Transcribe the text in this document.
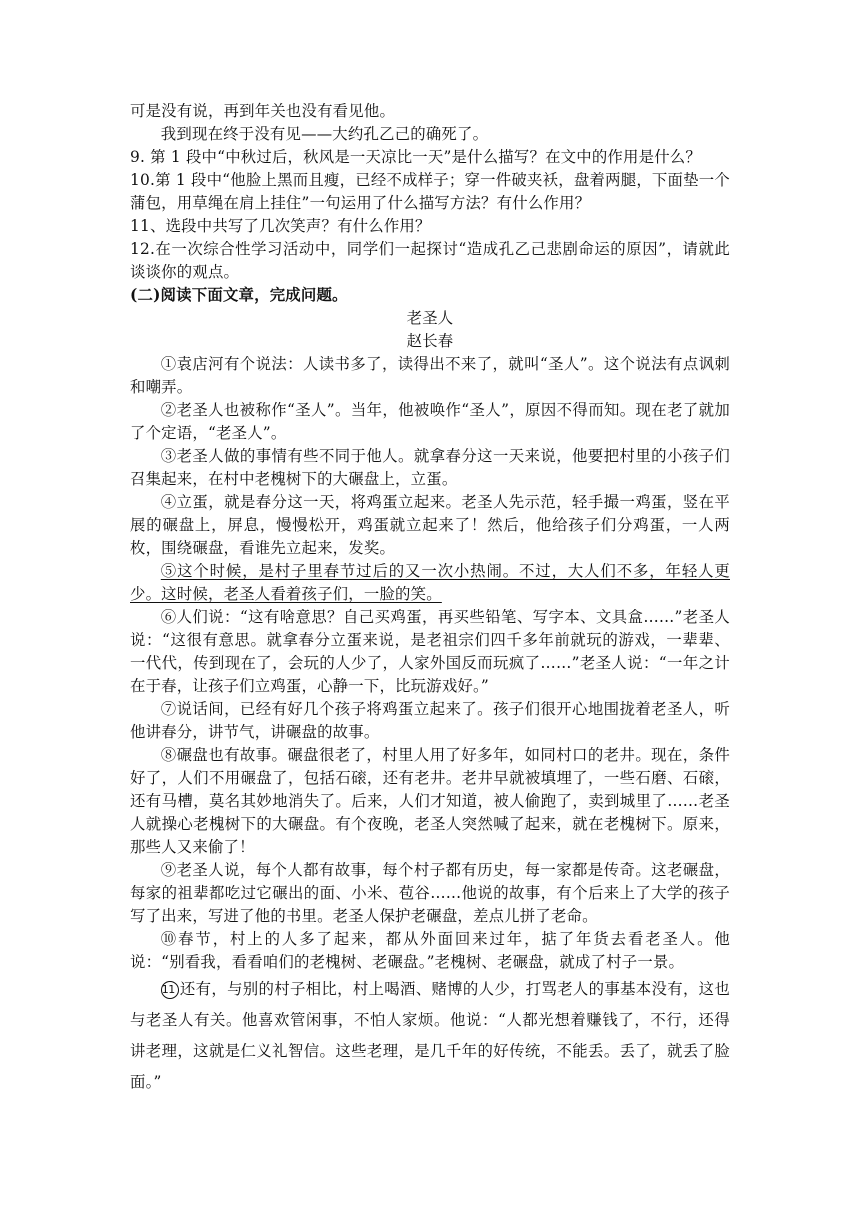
可是没有说，再到年关也没有看见他。

我到现在终于没有见——大约孔乙己的确死了。

9. 第 1 段中“中秋过后，秋风是一天凉比一天”是什么描写？在文中的作用是什么？

10.第 1 段中“他脸上黑而且瘦，已经不成样子；穿一件破夹袄，盘着两腿，下面垫一个蒲包，用草绳在肩上挂住”一句运用了什么描写方法？有什么作用？

11、选段中共写了几次笑声？有什么作用？

12.在一次综合性学习活动中，同学们一起探讨“造成孔乙己悲剧命运的原因”，请就此谈谈你的观点。

(二)阅读下面文章，完成问题。

老圣人

赵长春

①袁店河有个说法：人读书多了，读得出不来了，就叫“圣人”。这个说法有点讽刺和嘲弄。

②老圣人也被称作“圣人”。当年，他被唤作“圣人”，原因不得而知。现在老了就加了个定语，“老圣人”。

③老圣人做的事情有些不同于他人。就拿春分这一天来说，他要把村里的小孩子们召集起来，在村中老槐树下的大碾盘上，立蛋。

④立蛋，就是春分这一天，将鸡蛋立起来。老圣人先示范，轻手撮一鸡蛋，竖在平展的碾盘上，屏息，慢慢松开，鸡蛋就立起来了！然后，他给孩子们分鸡蛋，一人两枚，围绕碾盘，看谁先立起来，发奖。

⑤这个时候，是村子里春节过后的又一次小热闹。不过，大人们不多，年轻人更少。这时候，老圣人看着孩子们，一脸的笑。

⑥人们说：“这有啥意思？自己买鸡蛋，再买些铅笔、写字本、文具盒……”老圣人说：“这很有意思。就拿春分立蛋来说，是老祖宗们四千多年前就玩的游戏，一辈辈、一代代，传到现在了，会玩的人少了，人家外国反而玩疯了……”老圣人说：“一年之计在于春，让孩子们立鸡蛋，心静一下，比玩游戏好。”

⑦说话间，已经有好几个孩子将鸡蛋立起来了。孩子们很开心地围拢着老圣人，听他讲春分，讲节气，讲碾盘的故事。

⑧碾盘也有故事。碾盘很老了，村里人用了好多年，如同村口的老井。现在，条件好了，人们不用碾盘了，包括石磙，还有老井。老井早就被填埋了，一些石磨、石磙，还有马槽，莫名其妙地消失了。后来，人们才知道，被人偷跑了，卖到城里了……老圣人就操心老槐树下的大碾盘。有个夜晚，老圣人突然喊了起来，就在老槐树下。原来，那些人又来偷了！

⑨老圣人说，每个人都有故事，每个村子都有历史，每一家都是传奇。这老碾盘，每家的祖辈都吃过它碾出的面、小米、苞谷……他说的故事，有个后来上了大学的孩子写了出来，写进了他的书里。老圣人保护老碾盘，差点儿拼了老命。

⑩春节，村上的人多了起来，都从外面回来过年，掂了年货去看老圣人。他说：“别看我，看看咱们的老槐树、老碾盘。”老槐树、老碾盘，就成了村子一景。

11 还有，与别的村子相比，村上喝酒、赌博的人少，打骂老人的事基本没有，这也与老圣人有关。他喜欢管闲事，不怕人家烦。他说：“人都光想着赚钱了，不行，还得讲老理，这就是仁义礼智信。这些老理，是几千年的好传统，不能丢。丢了，就丢了脸面。”
